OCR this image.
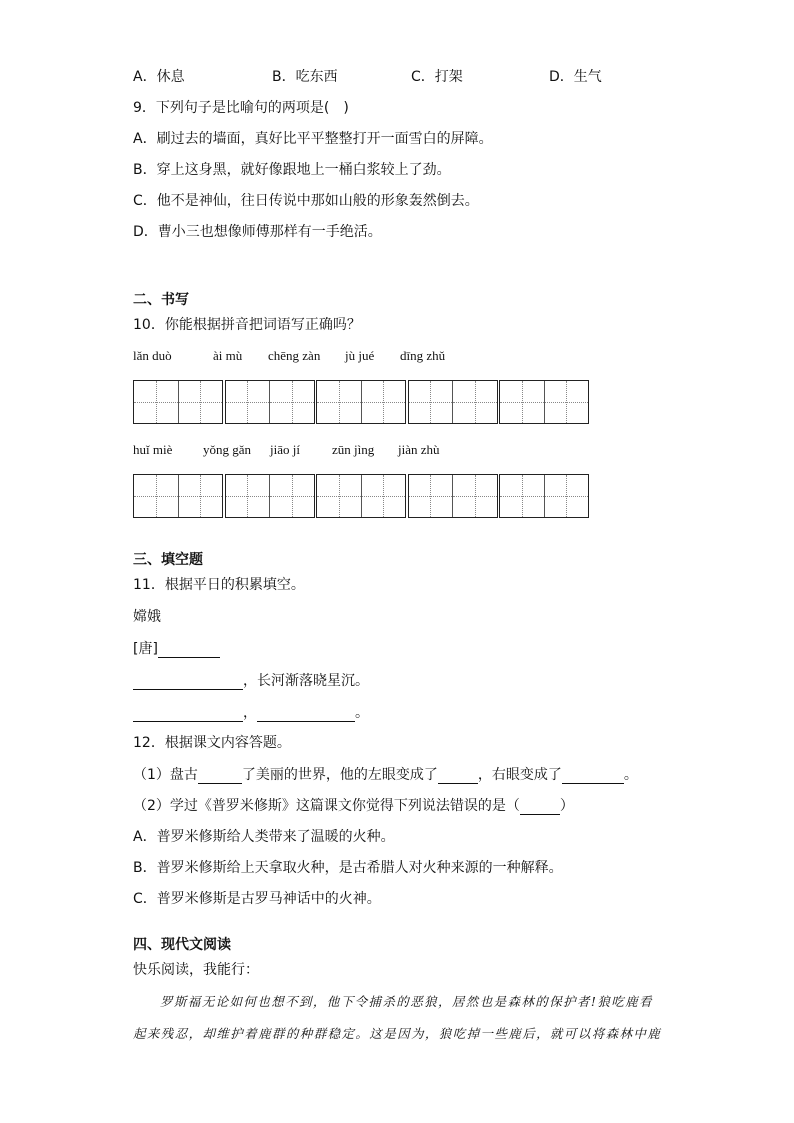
A．休息	B．吃东西	C．打架	D．生气
9．下列句子是比喻句的两项是(　)
A．刷过去的墙面，真好比平平整整打开一面雪白的屏障。
B．穿上这身黑，就好像跟地上一桶白浆较上了劲。
C．他不是神仙，往日传说中那如山般的形象轰然倒去。
D．曹小三也想像师傅那样有一手绝活。
二、书写
10．你能根据拼音把词语写正确吗？
lǎn duò	ài mù chēng zàn jù jué dīng zhǔ
huǐ miè yǒng gǎn jiāo jí zūn jìng jiàn zhù
三、填空题
11．根据平日的积累填空。
嫦娥
[唐]
，长河渐落晓星沉。
，	。
12．根据课文内容答题。
（1）盘古	了美丽的世界，他的左眼变成了	，右眼变成了	。
（2）学过《普罗米修斯》这篇课文你觉得下列说法错误的是（	）
A．普罗米修斯给人类带来了温暖的火种。
B．普罗米修斯给上天拿取火种，是古希腊人对火种来源的一种解释。
C．普罗米修斯是古罗马神话中的火神。
四、现代文阅读
快乐阅读，我能行：
罗斯福无论如何也想不到，他下令捕杀的恶狼，居然也是森林的保护者!狼吃鹿看
起来残忍，却维护着鹿群的种群稳定。这是因为，狼吃掉一些鹿后，就可以将森林中鹿
